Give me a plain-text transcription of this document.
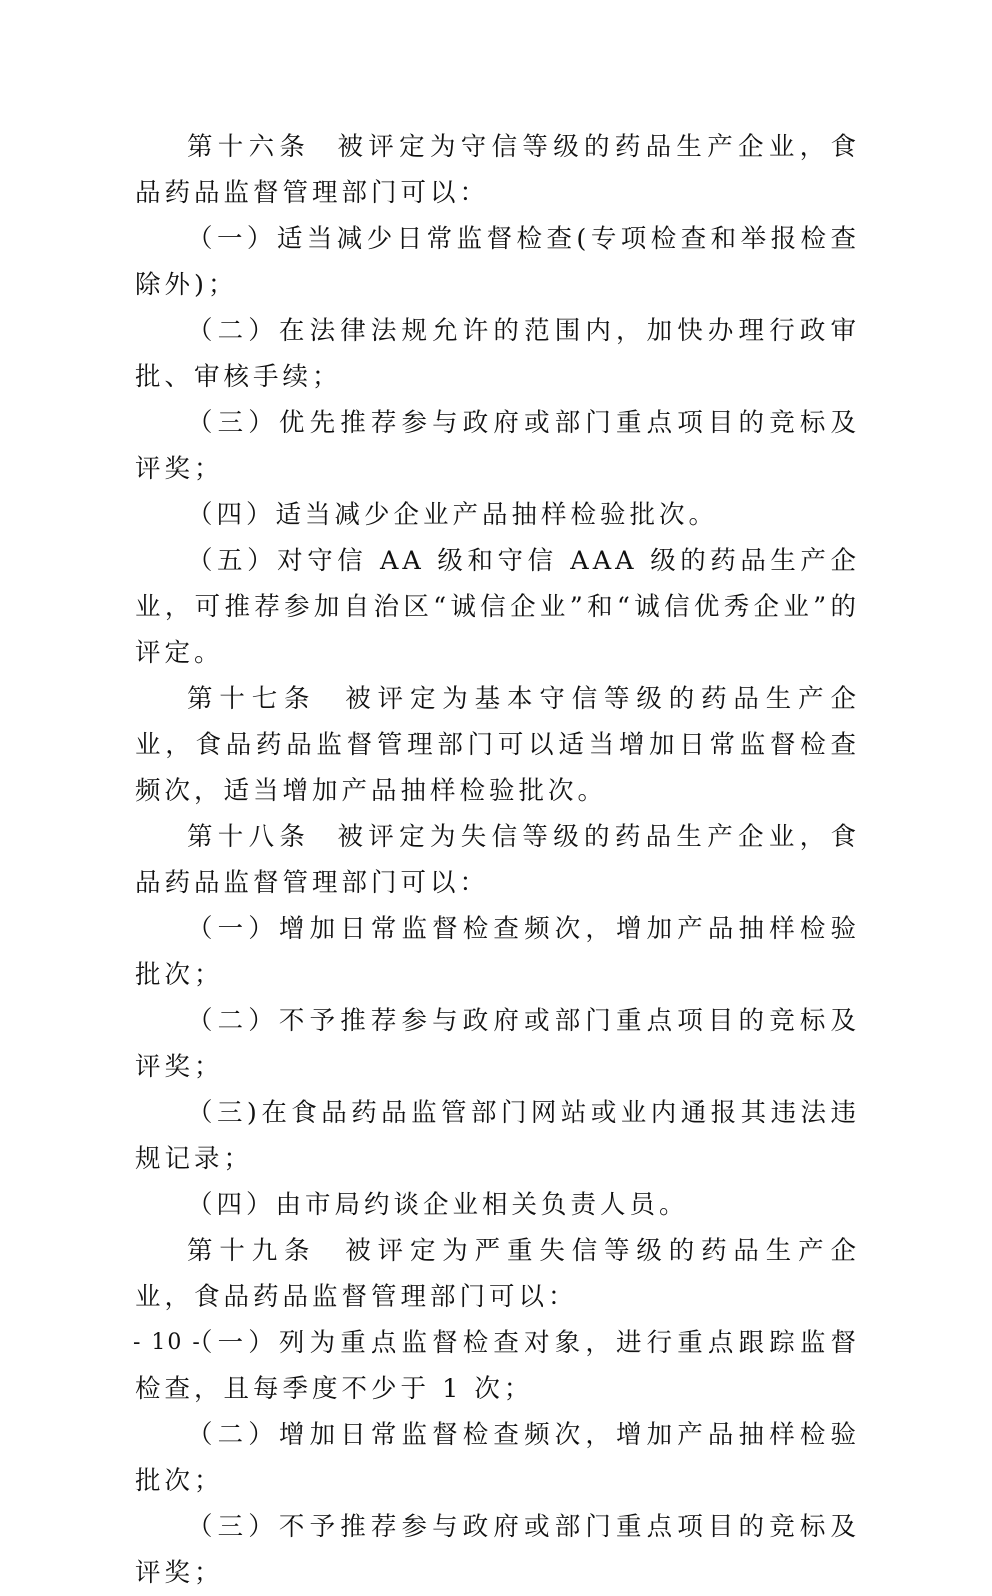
第十六条 被评定为守信等级的药品生产企业，食品药品监督管理部门可以：

（一）适当减少日常监督检查(专项检查和举报检查除外)；

（二）在法律法规允许的范围内，加快办理行政审批、审核手续；

（三）优先推荐参与政府或部门重点项目的竞标及评奖；

（四）适当减少企业产品抽样检验批次。

（五）对守信 AA 级和守信 AAA 级的药品生产企业，可推荐参加自治区“诚信企业”和“诚信优秀企业”的评定。

第十七条 被评定为基本守信等级的药品生产企业，食品药品监督管理部门可以适当增加日常监督检查频次，适当增加产品抽样检验批次。

第十八条 被评定为失信等级的药品生产企业，食品药品监督管理部门可以：

（一）增加日常监督检查频次，增加产品抽样检验批次；

（二）不予推荐参与政府或部门重点项目的竞标及评奖；

（三)在食品药品监管部门网站或业内通报其违法违规记录；

（四）由市局约谈企业相关负责人员。

第十九条 被评定为严重失信等级的药品生产企业，食品药品监督管理部门可以：

（一）列为重点监督检查对象，进行重点跟踪监督检查，且每季度不少于 1 次；

（二）增加日常监督检查频次，增加产品抽样检验批次；

（三）不予推荐参与政府或部门重点项目的竞标及评奖；

- 10 -
